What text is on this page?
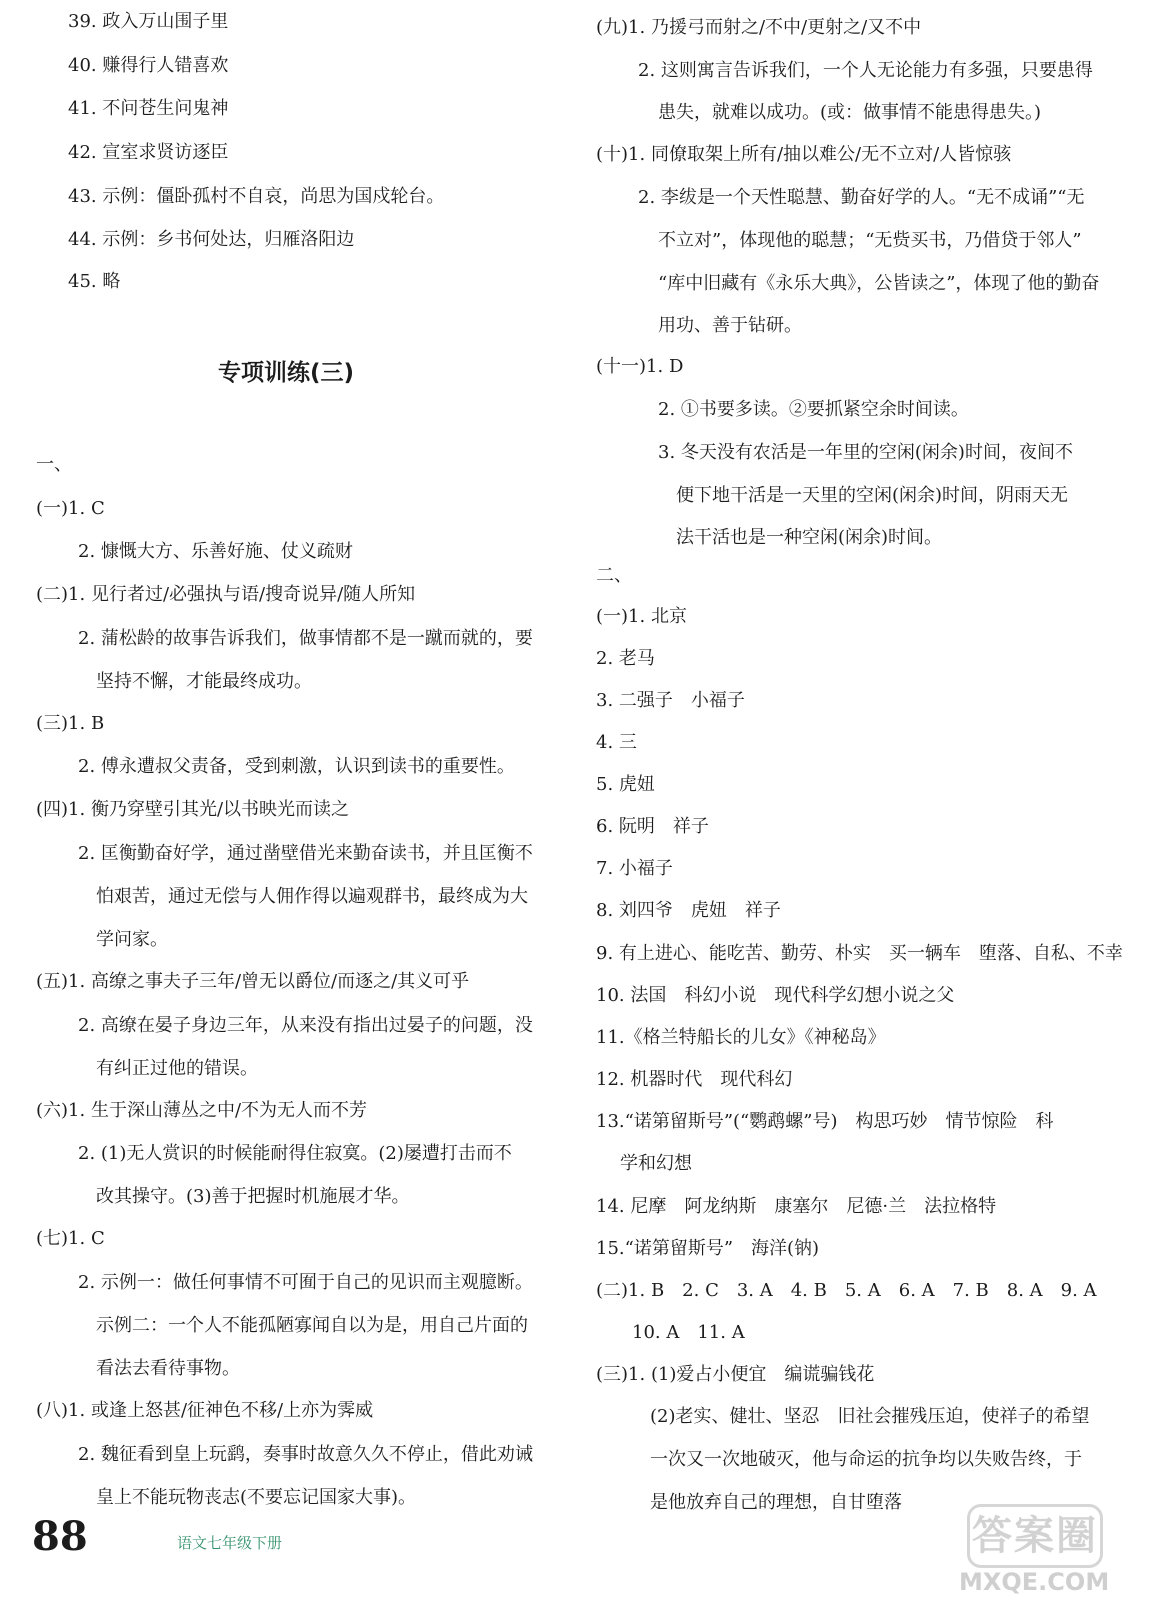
39. 政入万山围子里
40. 赚得行人错喜欢
41. 不问苍生问鬼神
42. 宣室求贤访逐臣
43. 示例：僵卧孤村不自哀，尚思为国戍轮台。
44. 示例：乡书何处达，归雁洛阳边
45. 略
专项训练(三)
一、
(一)1. C
2. 慷慨大方、乐善好施、仗义疏财
(二)1. 见行者过/必强执与语/搜奇说异/随人所知
2. 蒲松龄的故事告诉我们，做事情都不是一蹴而就的，要
坚持不懈，才能最终成功。
(三)1. B
2. 傅永遭叔父责备，受到刺激，认识到读书的重要性。
(四)1. 衡乃穿壁引其光/以书映光而读之
2. 匡衡勤奋好学，通过凿壁借光来勤奋读书，并且匡衡不
怕艰苦，通过无偿与人佣作得以遍观群书，最终成为大
学问家。
(五)1. 高缭之事夫子三年/曾无以爵位/而逐之/其义可乎
2. 高缭在晏子身边三年，从来没有指出过晏子的问题，没
有纠正过他的错误。
(六)1. 生于深山薄丛之中/不为无人而不芳
2. (1)无人赏识的时候能耐得住寂寞。(2)屡遭打击而不
改其操守。(3)善于把握时机施展才华。
(七)1. C
2. 示例一：做任何事情不可囿于自己的见识而主观臆断。
示例二：一个人不能孤陋寡闻自以为是，用自己片面的
看法去看待事物。
(八)1. 或逢上怒甚/征神色不移/上亦为霁威
2. 魏征看到皇上玩鹞，奏事时故意久久不停止，借此劝诫
皇上不能玩物丧志(不要忘记国家大事)。
(九)1. 乃援弓而射之/不中/更射之/又不中
2. 这则寓言告诉我们，一个人无论能力有多强，只要患得
患失，就难以成功。(或：做事情不能患得患失。)
(十)1. 同僚取架上所有/抽以难公/无不立对/人皆惊骇
2. 李绂是一个天性聪慧、勤奋好学的人。“无不成诵”“无
不立对”，体现他的聪慧；“无赀买书，乃借贷于邻人”
“库中旧藏有《永乐大典》，公皆读之”，体现了他的勤奋
用功、善于钻研。
(十一)1. D
2. ①书要多读。②要抓紧空余时间读。
3. 冬天没有农活是一年里的空闲(闲余)时间，夜间不
便下地干活是一天里的空闲(闲余)时间，阴雨天无
法干活也是一种空闲(闲余)时间。
二、
(一)1. 北京
2. 老马
3. 二强子　小福子
4. 三
5. 虎妞
6. 阮明　祥子
7. 小福子
8. 刘四爷　虎妞　祥子
9. 有上进心、能吃苦、勤劳、朴实　买一辆车　堕落、自私、不幸
10. 法国　科幻小说　现代科学幻想小说之父
11.《格兰特船长的儿女》《神秘岛》
12. 机器时代　现代科幻
13.“诺第留斯号”(“鹦鹉螺”号)　构思巧妙　情节惊险　科
学和幻想
14. 尼摩　阿龙纳斯　康塞尔　尼德·兰　法拉格特
15.“诺第留斯号”　海洋(钠)
(二)1. B　2. C　3. A　4. B　5. A　6. A　7. B　8. A　9. A
10. A　11. A
(三)1. (1)爱占小便宜　编谎骗钱花
(2)老实、健壮、坚忍　旧社会摧残压迫，使祥子的希望
一次又一次地破灭，他与命运的抗争均以失败告终，于
是他放弃自己的理想，自甘堕落
88	语文七年级下册	答案圈
MXQE.COM
